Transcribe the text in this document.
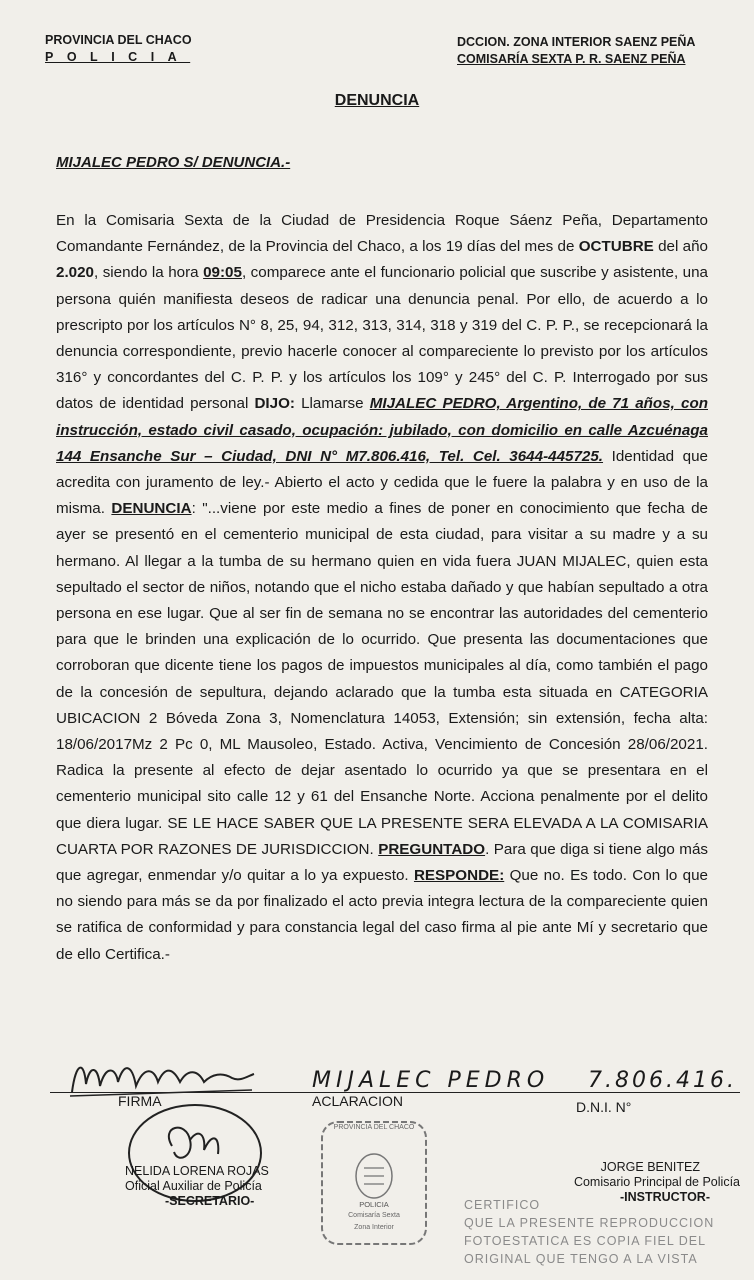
PROVINCIA DEL CHACO
POLICIA
DCCION. ZONA INTERIOR SAENZ PEÑA
COMISARÍA SEXTA P. R. SAENZ PEÑA
DENUNCIA
MIJALEC PEDRO S/ DENUNCIA.-
En la Comisaria Sexta de la Ciudad de Presidencia Roque Sáenz Peña, Departamento Comandante Fernández, de la Provincia del Chaco, a los 19 días del mes de OCTUBRE del año 2.020, siendo la hora 09:05, comparece ante el funcionario policial que suscribe y asistente, una persona quién manifiesta deseos de radicar una denuncia penal. Por ello, de acuerdo a lo prescripto por los artículos N° 8, 25, 94, 312, 313, 314, 318 y 319 del C. P. P., se recepcionará la denuncia correspondiente, previo hacerle conocer al compareciente lo previsto por los artículos 316° y concordantes del C. P. P. y los artículos los 109° y 245° del C. P. Interrogado por sus datos de identidad personal DIJO: Llamarse MIJALEC PEDRO, Argentino, de 71 años, con instrucción, estado civil casado, ocupación: jubilado, con domicilio en calle Azcuénaga 144 Ensanche Sur – Ciudad, DNI N° M7.806.416, Tel. Cel. 3644-445725. Identidad que acredita con juramento de ley.- Abierto el acto y cedida que le fuere la palabra y en uso de la misma. DENUNCIA: "...viene por este medio a fines de poner en conocimiento que fecha de ayer se presentó en el cementerio municipal de esta ciudad, para visitar a su madre y a su hermano. Al llegar a la tumba de su hermano quien en vida fuera JUAN MIJALEC, quien esta sepultado el sector de niños, notando que el nicho estaba dañado y que habían sepultado a otra persona en ese lugar. Que al ser fin de semana no se encontrar las autoridades del cementerio para que le brinden una explicación de lo ocurrido. Que presenta las documentaciones que corroboran que dicente tiene los pagos de impuestos municipales al día, como también el pago de la concesión de sepultura, dejando aclarado que la tumba esta situada en CATEGORIA UBICACION 2 Bóveda Zona 3, Nomenclatura 14053, Extensión; sin extensión, fecha alta: 18/06/2017Mz 2 Pc 0, ML Mausoleo, Estado. Activa, Vencimiento de Concesión 28/06/2021. Radica la presente al efecto de dejar asentado lo ocurrido ya que se presentara en el cementerio municipal sito calle 12 y 61 del Ensanche Norte. Acciona penalmente por el delito que diera lugar. SE LE HACE SABER QUE LA PRESENTE SERA ELEVADA A LA COMISARIA CUARTA POR RAZONES DE JURISDICCION. PREGUNTADO. Para que diga si tiene algo más que agregar, enmendar y/o quitar a lo ya expuesto. RESPONDE: Que no. Es todo. Con lo que no siendo para más se da por finalizado el acto previa integra lectura de la compareciente quien se ratifica de conformidad y para constancia legal del caso firma al pie ante Mí y secretario que de ello Certifica.-
MIJALEC PEDRO 7.806.416.
FIRMA	ACLARACION	D.N.I. N°
NELIDA LORENA ROJAS
Oficial Auxiliar de Policía
-SECRETARIO-
PROVINCIA DEL CHACO
POLICIA
Comisaría Sexta
Zona Interior
JORGE BENITEZ
Comisario Principal de Policía
-INSTRUCTOR-
CERTIFICO
QUE LA PRESENTE REPRODUCCION
FOTOESTATICA ES COPIA FIEL DEL
ORIGINAL QUE TENGO A LA VISTA
